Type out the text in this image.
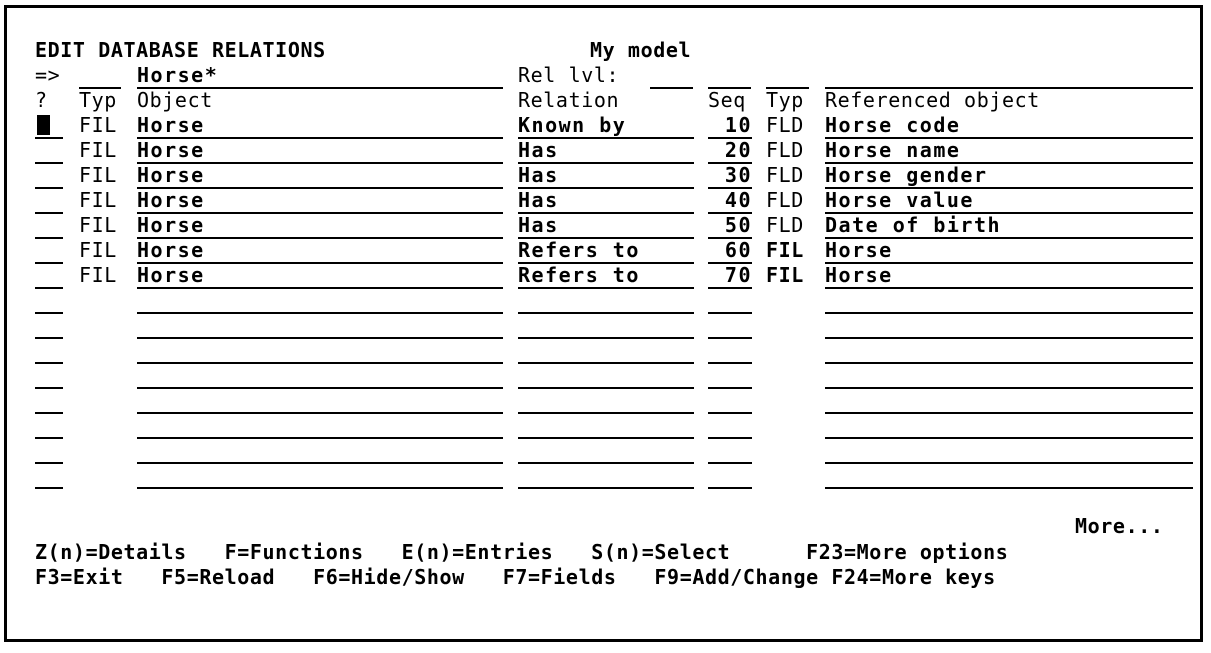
EDIT DATABASE RELATIONS	My model
=>	Horse*	Rel lvl:
? Typ Object	Relation	Seq Typ Referenced object
More...
Z(n)=Details   F=Functions   E(n)=Entries   S(n)=Select      F23=More options
F3=Exit   F5=Reload   F6=Hide/Show   F7=Fields   F9=Add/Change F24=More keys
FIL Horse	Known by	10 FLD Horse code
FIL Horse	Has	20 FLD Horse name
FIL Horse	Has	30 FLD Horse gender
FIL Horse	Has	40 FLD Horse value
FIL Horse	Has	50 FLD Date of birth
FIL Horse	Refers to	60 FIL Horse
FIL Horse	Refers to	70 FIL Horse
